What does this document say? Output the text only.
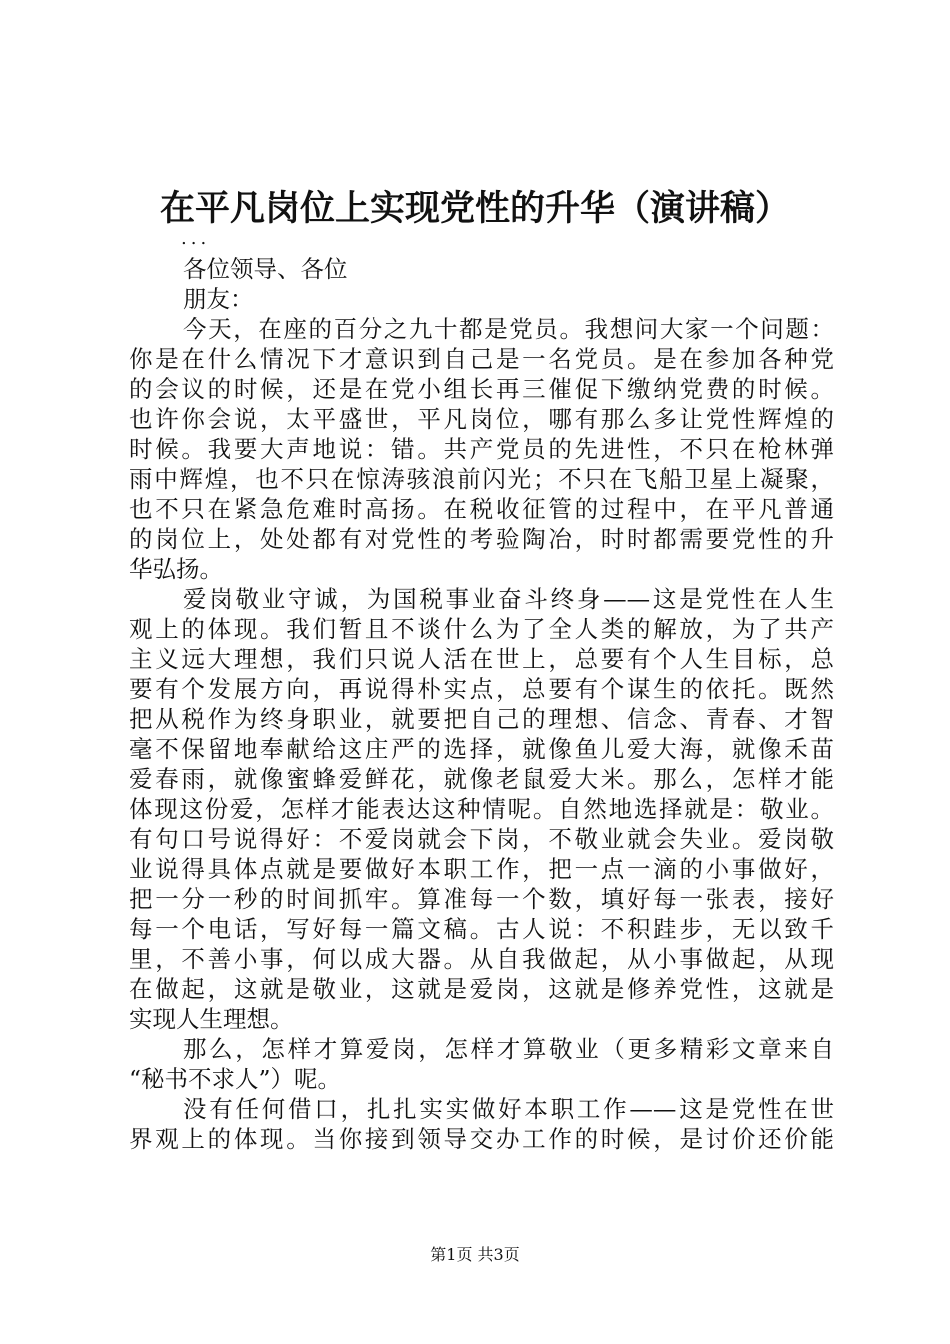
在平凡岗位上实现党性的升华（演讲稿）
...
各位领导、各位
朋友：
今天，在座的百分之九十都是党员。我想问大家一个问题：
你是在什么情况下才意识到自己是一名党员。是在参加各种党
的会议的时候，还是在党小组长再三催促下缴纳党费的时候。
也许你会说，太平盛世，平凡岗位，哪有那么多让党性辉煌的
时候。我要大声地说：错。共产党员的先进性，不只在枪林弹
雨中辉煌，也不只在惊涛骇浪前闪光；不只在飞船卫星上凝聚，
也不只在紧急危难时高扬。在税收征管的过程中，在平凡普通
的岗位上，处处都有对党性的考验陶冶，时时都需要党性的升
华弘扬。
爱岗敬业守诚，为国税事业奋斗终身——这是党性在人生
观上的体现。我们暂且不谈什么为了全人类的解放，为了共产
主义远大理想，我们只说人活在世上，总要有个人生目标，总
要有个发展方向，再说得朴实点，总要有个谋生的依托。既然
把从税作为终身职业，就要把自己的理想、信念、青春、才智
毫不保留地奉献给这庄严的选择，就像鱼儿爱大海，就像禾苗
爱春雨，就像蜜蜂爱鲜花，就像老鼠爱大米。那么，怎样才能
体现这份爱，怎样才能表达这种情呢。自然地选择就是：敬业。
有句口号说得好：不爱岗就会下岗，不敬业就会失业。爱岗敬
业说得具体点就是要做好本职工作，把一点一滴的小事做好，
把一分一秒的时间抓牢。算准每一个数，填好每一张表，接好
每一个电话，写好每一篇文稿。古人说：不积跬步，无以致千
里，不善小事，何以成大器。从自我做起，从小事做起，从现
在做起，这就是敬业，这就是爱岗，这就是修养党性，这就是
实现人生理想。
那么，怎样才算爱岗，怎样才算敬业（更多精彩文章来自
“秘书不求人”）呢。
没有任何借口，扎扎实实做好本职工作——这是党性在世
界观上的体现。当你接到领导交办工作的时候，是讨价还价能
第1页 共3页
